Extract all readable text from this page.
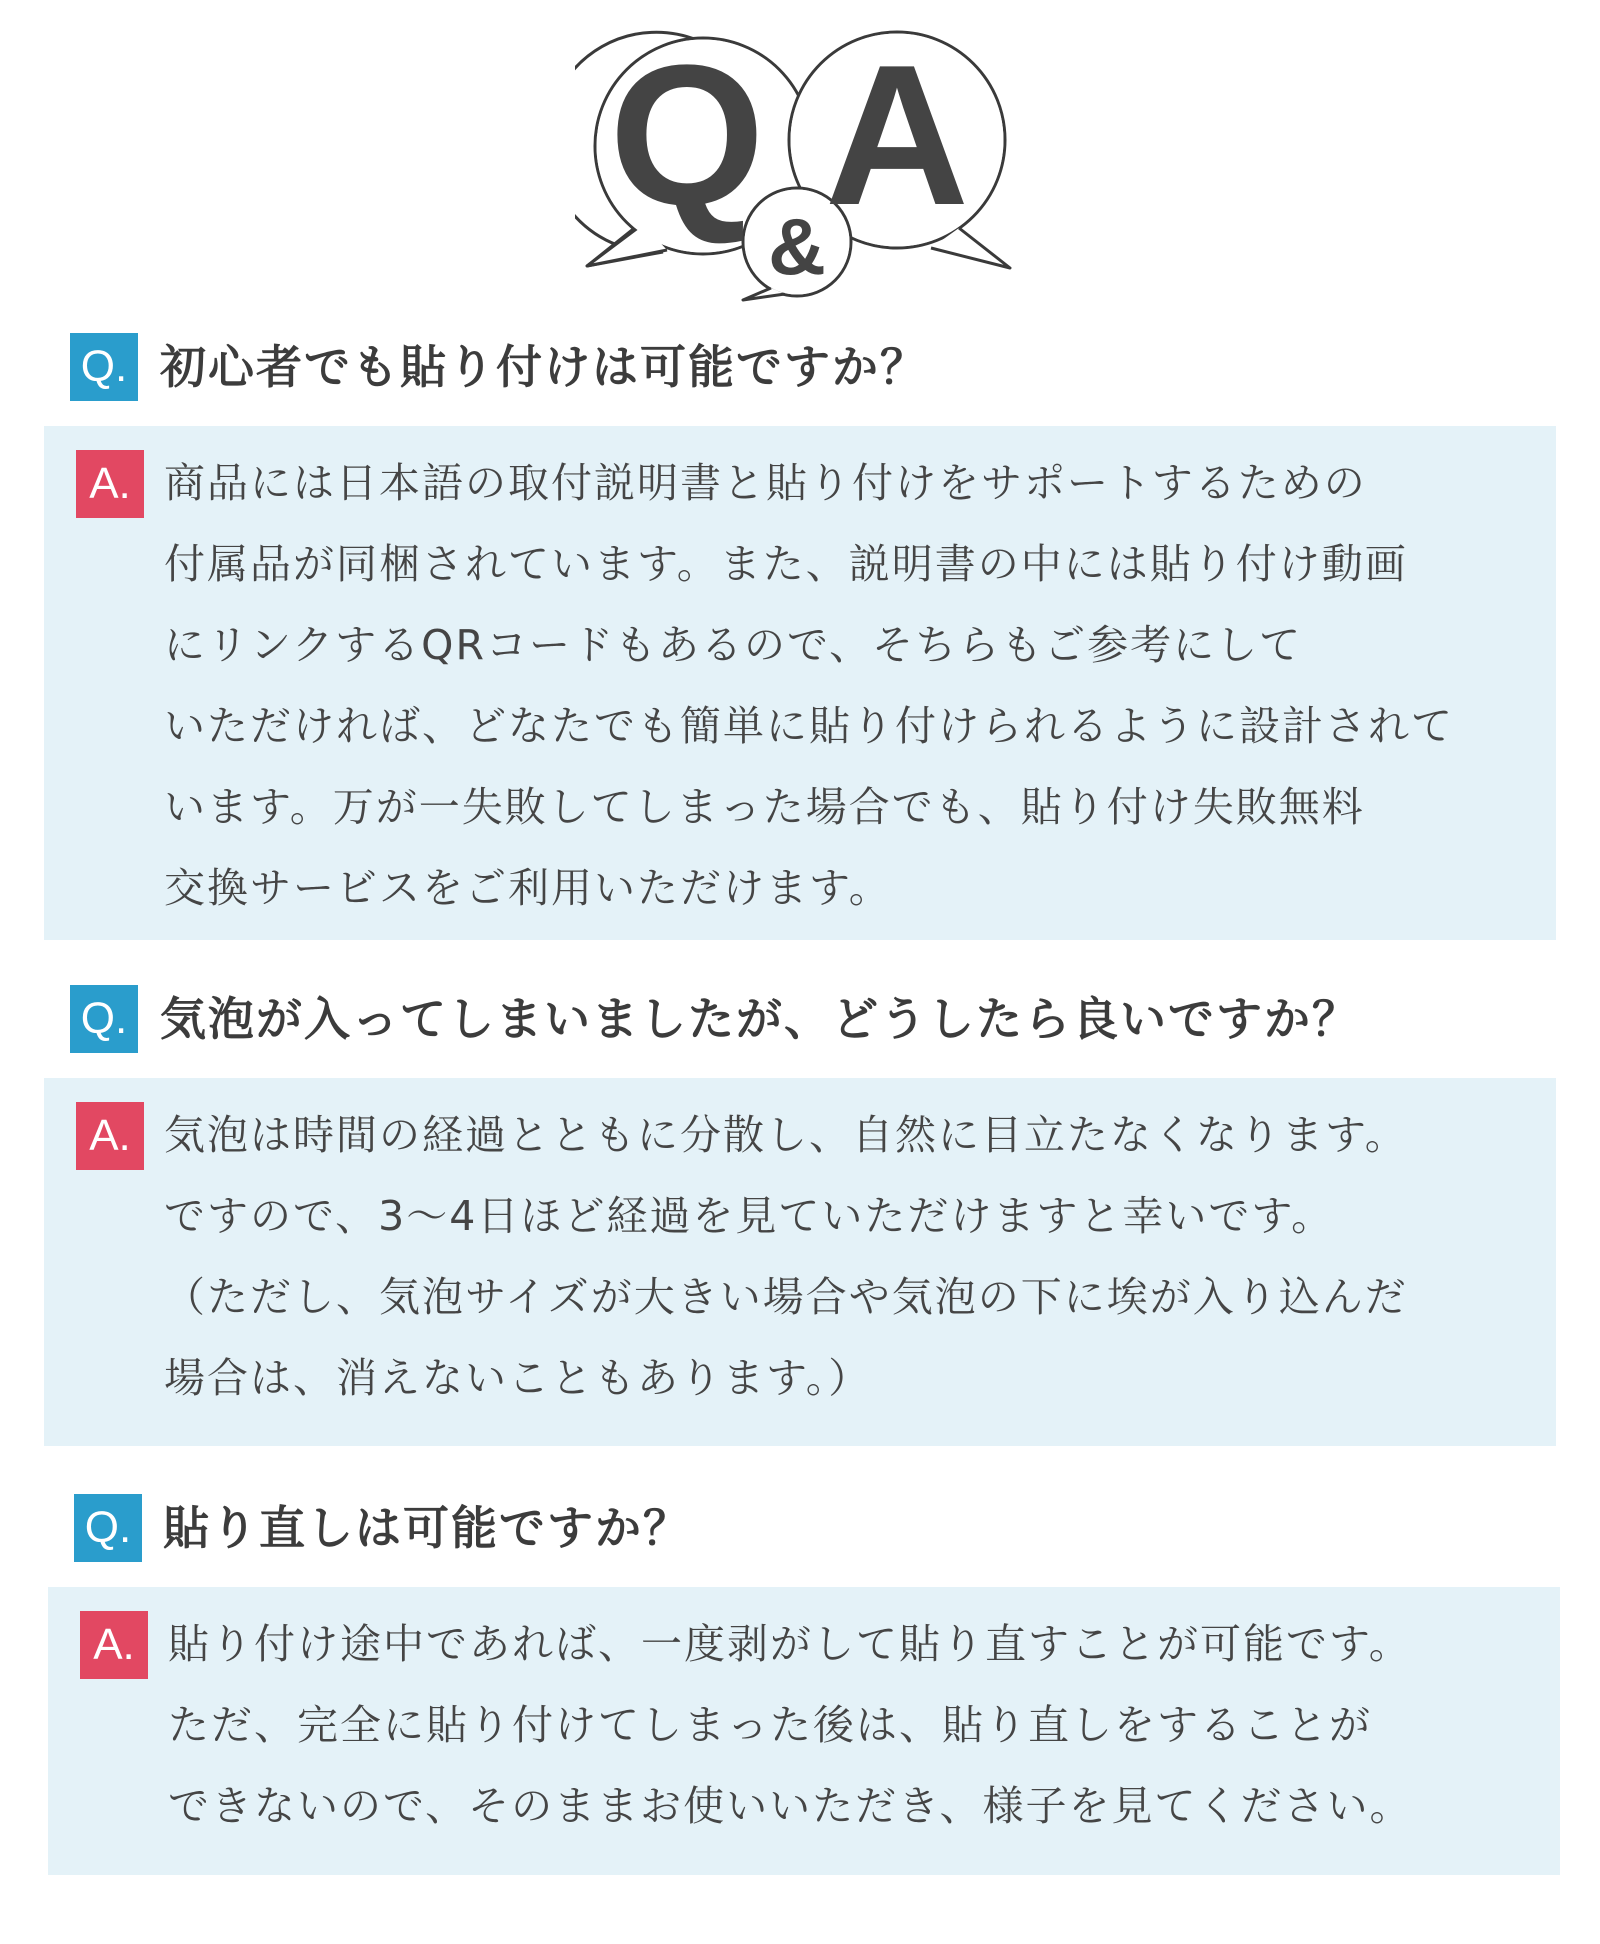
Q A
&
Q. 初心者でも貼り付けは可能ですか？
A. 商品には日本語の取付説明書と貼り付けをサポートするための
付属品が同梱されています。また、説明書の中には貼り付け動画
にリンクするQRコードもあるので、そちらもご参考にして
いただければ、どなたでも簡単に貼り付けられるように設計されて
います。万が一失敗してしまった場合でも、貼り付け失敗無料
交換サービスをご利用いただけます。
Q. 気泡が入ってしまいましたが、どうしたら良いですか？
A. 気泡は時間の経過とともに分散し、自然に目立たなくなります。
ですので、3〜4日ほど経過を見ていただけますと幸いです。
（ただし、気泡サイズが大きい場合や気泡の下に埃が入り込んだ
場合は、消えないこともあります。）
Q. 貼り直しは可能ですか？
A. 貼り付け途中であれば、一度剥がして貼り直すことが可能です。
ただ、完全に貼り付けてしまった後は、貼り直しをすることが
できないので、そのままお使いいただき、様子を見てください。
